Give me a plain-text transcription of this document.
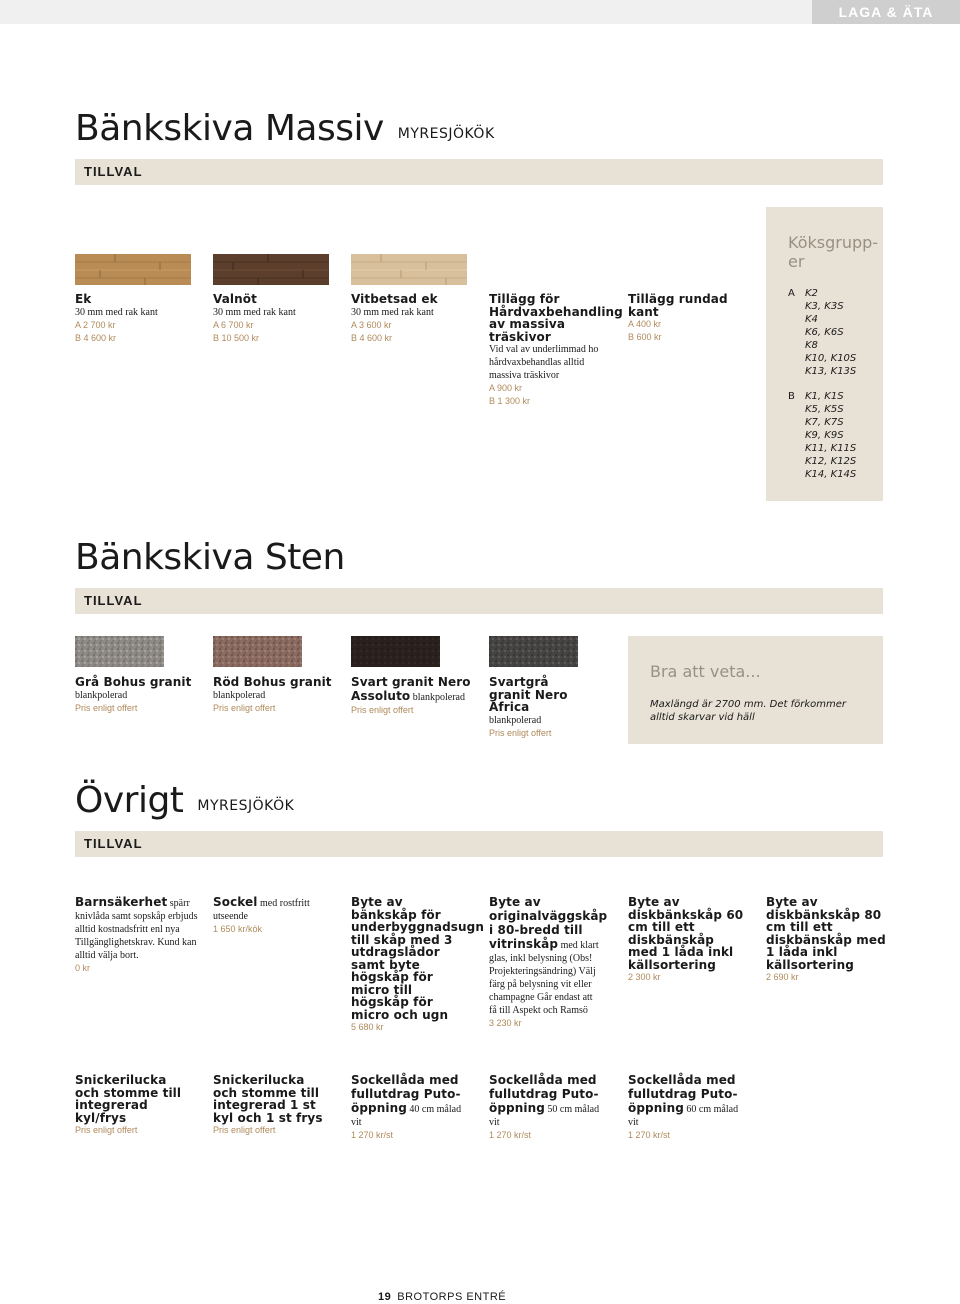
LAGA & ÄTA
Bänkskiva Massiv MYRESJÖKÖK
TILLVAL
Ek
30 mm med rak kant
A 2 700 kr
B 4 600 kr
Valnöt
30 mm med rak kant
A 6 700 kr
B 10 500 kr
Vitbetsad ek
30 mm med rak kant
A 3 600 kr
B 4 600 kr
Tillägg för Hårdvaxbehandling av massiva träskivor
Vid val av underlimmad ho hårdvaxbehandlas alltid massiva träskivor
A 900 kr
B 1 300 kr
Tillägg rundad kant
A 400 kr
B 600 kr
Köksgrupp-er
A K2
K3, K3S
K4
K6, K6S
K8
K10, K10S
K13, K13S
B K1, K1S
K5, K5S
K7, K7S
K9, K9S
K11, K11S
K12, K12S
K14, K14S
Bänkskiva Sten
TILLVAL
Grå Bohus granit
blankpolerad
Pris enligt offert
Röd Bohus granit
blankpolerad
Pris enligt offert
Svart granit Nero Assoluto blankpolerad
Pris enligt offert
Svartgrå granit Nero Africa
blankpolerad
Pris enligt offert
Bra att veta...
Maxlängd är 2700 mm. Det förkommer alltid skarvar vid häll
Övrigt MYRESJÖKÖK
TILLVAL
Barnsäkerhet spärr knivlåda samt sopskåp erbjuds alltid kostnadsfritt enl nya Tillgänglighetskrav. Kund kan alltid välja bort.
0 kr
Sockel med rostfritt utseende
1 650 kr/kök
Byte av bänkskåp för underbyggnadsugn till skåp med 3 utdragslådor samt byte högskåp för micro till högskåp för micro och ugn
5 680 kr
Byte av originalväggskåp i 80-bredd till vitrinskåp med klart glas, inkl belysning (Obs! Projekteringsändring) Välj färg på belysning vit eller champagne Går endast att få till Aspekt och Ramsö
3 230 kr
Byte av diskbänkskåp 60 cm till ett diskbänskåp med 1 låda inkl källsortering
2 300 kr
Byte av diskbänkskåp 80 cm till ett diskbänskåp med 1 låda inkl källsortering
2 690 kr
Snickerilucka och stomme till integrerad kyl/frys
Pris enligt offert
Snickerilucka och stomme till integrerad 1 st kyl och 1 st frys
Pris enligt offert
Sockellåda med fullutdrag Puto-öppning 40 cm målad vit
1 270 kr/st
Sockellåda med fullutdrag Puto-öppning 50 cm målad vit
1 270 kr/st
Sockellåda med fullutdrag Puto-öppning 60 cm målad vit
1 270 kr/st
19 BROTORPS ENTRÉ
